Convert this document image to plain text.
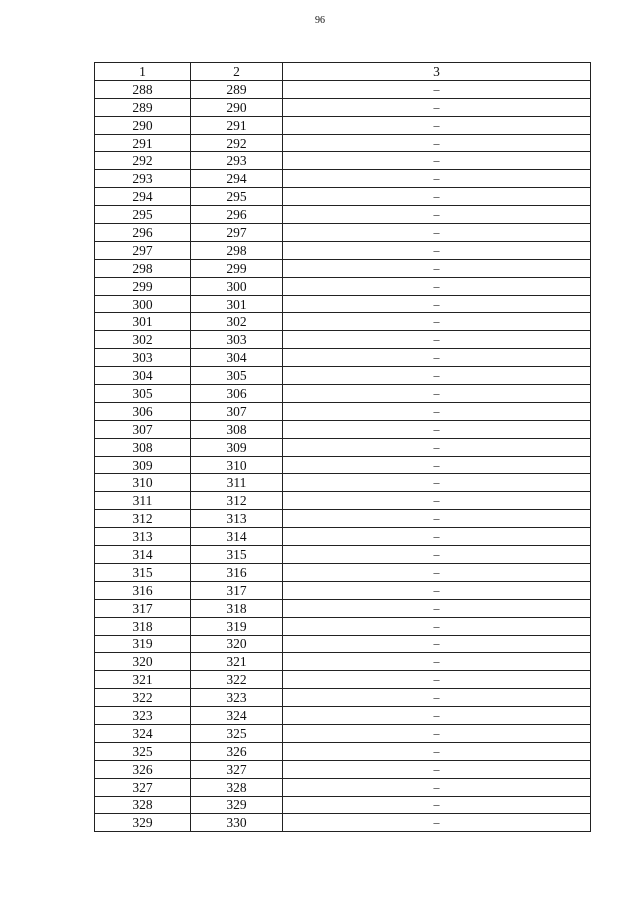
96
1	2	3
288	289	–
289	290	–
290	291	–
291	292	–
292	293	–
293	294	–
294	295	–
295	296	–
296	297	–
297	298	–
298	299	–
299	300	–
300	301	–
301	302	–
302	303	–
303	304	–
304	305	–
305	306	–
306	307	–
307	308	–
308	309	–
309	310	–
310	311	–
311	312	–
312	313	–
313	314	–
314	315	–
315	316	–
316	317	–
317	318	–
318	319	–
319	320	–
320	321	–
321	322	–
322	323	–
323	324	–
324	325	–
325	326	–
326	327	–
327	328	–
328	329	–
329	330	–
